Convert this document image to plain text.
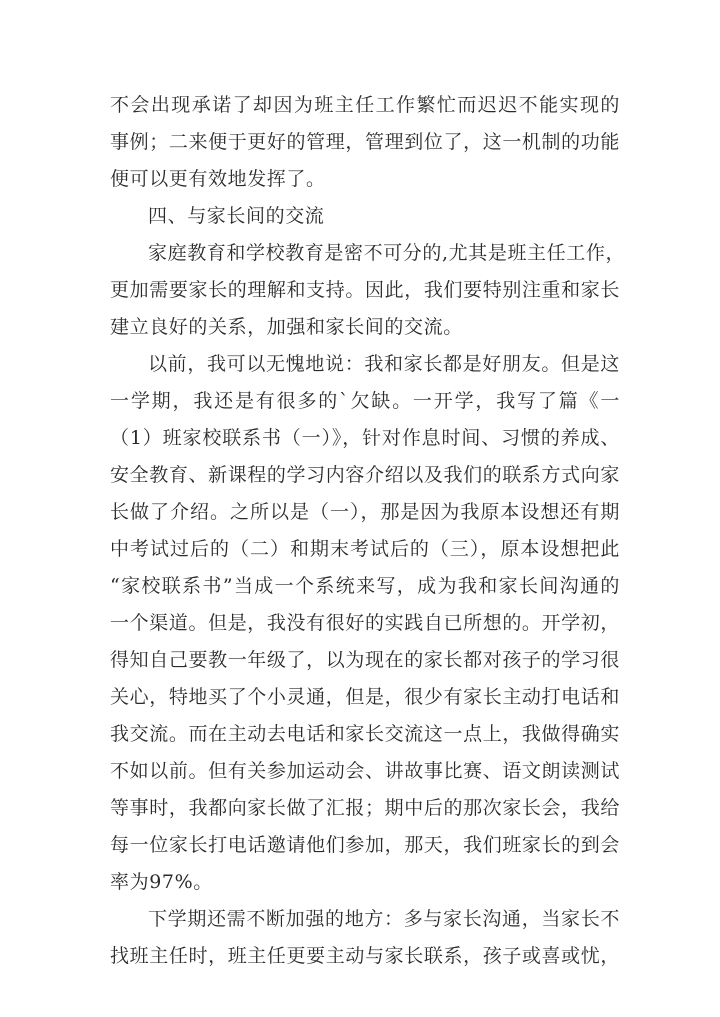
不会出现承诺了却因为班主任工作繁忙而迟迟不能实现的
事例；二来便于更好的管理，管理到位了，这一机制的功能
便可以更有效地发挥了。
四、与家长间的交流
家庭教育和学校教育是密不可分的,尤其是班主任工作，
更加需要家长的理解和支持。因此，我们要特别注重和家长
建立良好的关系，加强和家长间的交流。
以前，我可以无愧地说：我和家长都是好朋友。但是这
一学期，我还是有很多的`欠缺。一开学，我写了篇《一
（1）班家校联系书（一）》，针对作息时间、习惯的养成、
安全教育、新课程的学习内容介绍以及我们的联系方式向家
长做了介绍。之所以是（一），那是因为我原本设想还有期
中考试过后的（二）和期末考试后的（三），原本设想把此
“家校联系书”当成一个系统来写，成为我和家长间沟通的
一个渠道。但是，我没有很好的实践自已所想的。开学初，
得知自己要教一年级了，以为现在的家长都对孩子的学习很
关心，特地买了个小灵通，但是，很少有家长主动打电话和
我交流。而在主动去电话和家长交流这一点上，我做得确实
不如以前。但有关参加运动会、讲故事比赛、语文朗读测试
等事时，我都向家长做了汇报；期中后的那次家长会，我给
每一位家长打电话邀请他们参加，那天，我们班家长的到会
率为97%。
下学期还需不断加强的地方：多与家长沟通，当家长不
找班主任时，班主任更要主动与家长联系，孩子或喜或忧，
